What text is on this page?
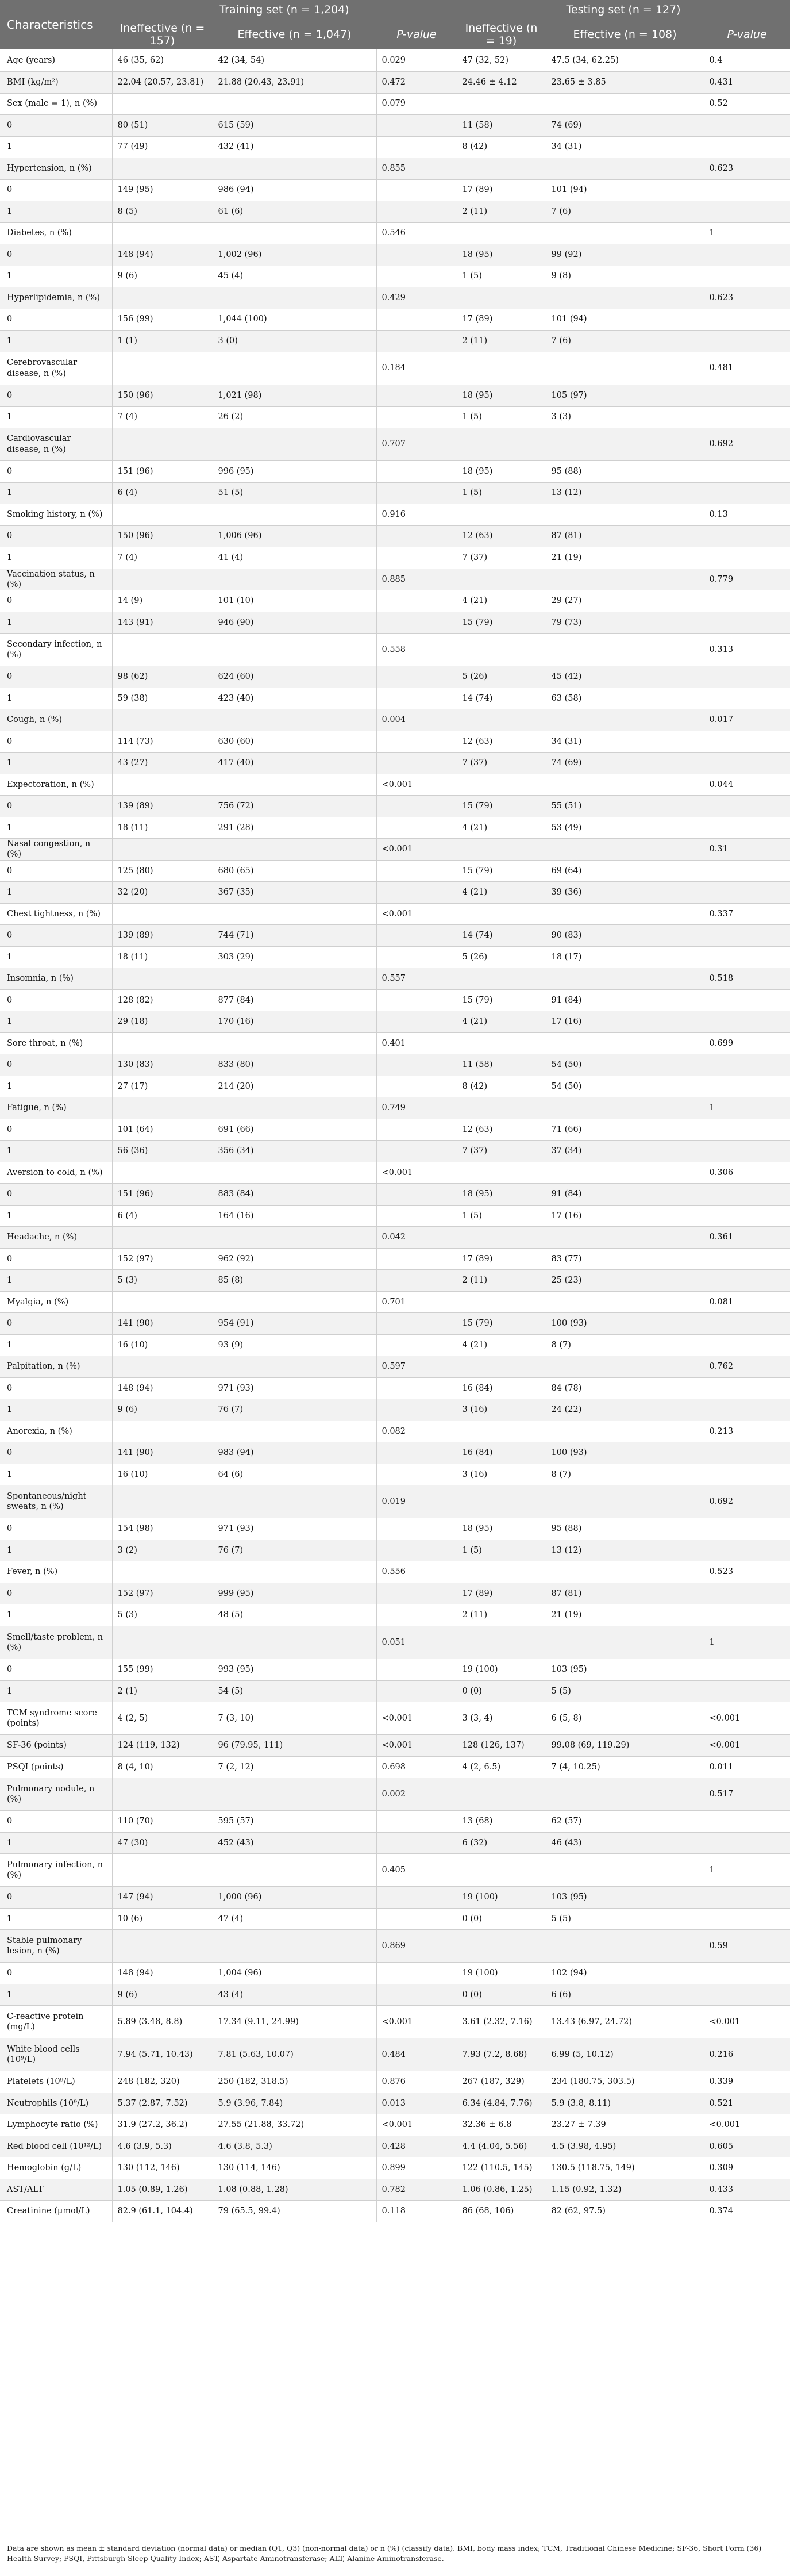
Characteristics	Training set (n = 1,204)			Testing set (n = 127)		
	Ineffective (n = 157)	Effective (n = 1,047)	P-value	Ineffective (n = 19)	Effective (n = 108)	P-value
Age (years)	46 (35, 62)	42 (34, 54)	0.029	47 (32, 52)	47.5 (34, 62.25)	0.4
BMI (kg/m²)	22.04 (20.57, 23.81)	21.88 (20.43, 23.91)	0.472	24.46 ± 4.12	23.65 ± 3.85	0.431
Sex (male = 1), n (%)			0.079			0.52
0	80 (51)	615 (59)		11 (58)	74 (69)	
1	77 (49)	432 (41)		8 (42)	34 (31)	
Hypertension, n (%)			0.855			0.623
0	149 (95)	986 (94)		17 (89)	101 (94)	
1	8 (5)	61 (6)		2 (11)	7 (6)	
Diabetes, n (%)			0.546			1
0	148 (94)	1,002 (96)		18 (95)	99 (92)	
1	9 (6)	45 (4)		1 (5)	9 (8)	
Hyperlipidemia, n (%)			0.429			0.623
0	156 (99)	1,044 (100)		17 (89)	101 (94)	
1	1 (1)	3 (0)		2 (11)	7 (6)	
Cerebrovascular disease, n (%)			0.184			0.481
0	150 (96)	1,021 (98)		18 (95)	105 (97)	
1	7 (4)	26 (2)		1 (5)	3 (3)	
Cardiovascular disease, n (%)			0.707			0.692
0	151 (96)	996 (95)		18 (95)	95 (88)	
1	6 (4)	51 (5)		1 (5)	13 (12)	
Smoking history, n (%)			0.916			0.13
0	150 (96)	1,006 (96)		12 (63)	87 (81)	
1	7 (4)	41 (4)		7 (37)	21 (19)	
Vaccination status, n (%)			0.885			0.779
0	14 (9)	101 (10)		4 (21)	29 (27)	
1	143 (91)	946 (90)		15 (79)	79 (73)	
Secondary infection, n (%)			0.558			0.313
0	98 (62)	624 (60)		5 (26)	45 (42)	
1	59 (38)	423 (40)		14 (74)	63 (58)	
Cough, n (%)			0.004			0.017
0	114 (73)	630 (60)		12 (63)	34 (31)	
1	43 (27)	417 (40)		7 (37)	74 (69)	
Expectoration, n (%)			<0.001			0.044
0	139 (89)	756 (72)		15 (79)	55 (51)	
1	18 (11)	291 (28)		4 (21)	53 (49)	
Nasal congestion, n (%)			<0.001			0.31
0	125 (80)	680 (65)		15 (79)	69 (64)	
1	32 (20)	367 (35)		4 (21)	39 (36)	
Chest tightness, n (%)			<0.001			0.337
0	139 (89)	744 (71)		14 (74)	90 (83)	
1	18 (11)	303 (29)		5 (26)	18 (17)	
Insomnia, n (%)			0.557			0.518
0	128 (82)	877 (84)		15 (79)	91 (84)	
1	29 (18)	170 (16)		4 (21)	17 (16)	
Sore throat, n (%)			0.401			0.699
0	130 (83)	833 (80)		11 (58)	54 (50)	
1	27 (17)	214 (20)		8 (42)	54 (50)	
Fatigue, n (%)			0.749			1
0	101 (64)	691 (66)		12 (63)	71 (66)	
1	56 (36)	356 (34)		7 (37)	37 (34)	
Aversion to cold, n (%)			<0.001			0.306
0	151 (96)	883 (84)		18 (95)	91 (84)	
1	6 (4)	164 (16)		1 (5)	17 (16)	
Headache, n (%)			0.042			0.361
0	152 (97)	962 (92)		17 (89)	83 (77)	
1	5 (3)	85 (8)		2 (11)	25 (23)	
Myalgia, n (%)			0.701			0.081
0	141 (90)	954 (91)		15 (79)	100 (93)	
1	16 (10)	93 (9)		4 (21)	8 (7)	
Palpitation, n (%)			0.597			0.762
0	148 (94)	971 (93)		16 (84)	84 (78)	
1	9 (6)	76 (7)		3 (16)	24 (22)	
Anorexia, n (%)			0.082			0.213
0	141 (90)	983 (94)		16 (84)	100 (93)	
1	16 (10)	64 (6)		3 (16)	8 (7)	
Spontaneous/night sweats, n (%)			0.019			0.692
0	154 (98)	971 (93)		18 (95)	95 (88)	
1	3 (2)	76 (7)		1 (5)	13 (12)	
Fever, n (%)			0.556			0.523
0	152 (97)	999 (95)		17 (89)	87 (81)	
1	5 (3)	48 (5)		2 (11)	21 (19)	
Smell/taste problem, n (%)			0.051			1
0	155 (99)	993 (95)		19 (100)	103 (95)	
1	2 (1)	54 (5)		0 (0)	5 (5)	
TCM syndrome score (points)	4 (2, 5)	7 (3, 10)	<0.001	3 (3, 4)	6 (5, 8)	<0.001
SF-36 (points)	124 (119, 132)	96 (79.95, 111)	<0.001	128 (126, 137)	99.08 (69, 119.29)	<0.001
PSQI (points)	8 (4, 10)	7 (2, 12)	0.698	4 (2, 6.5)	7 (4, 10.25)	0.011
Pulmonary nodule, n (%)			0.002			0.517
0	110 (70)	595 (57)		13 (68)	62 (57)	
1	47 (30)	452 (43)		6 (32)	46 (43)	
Pulmonary infection, n (%)			0.405			1
0	147 (94)	1,000 (96)		19 (100)	103 (95)	
1	10 (6)	47 (4)		0 (0)	5 (5)	
Stable pulmonary lesion, n (%)			0.869			0.59
0	148 (94)	1,004 (96)		19 (100)	102 (94)	
1	9 (6)	43 (4)		0 (0)	6 (6)	
C-reactive protein (mg/L)	5.89 (3.48, 8.8)	17.34 (9.11, 24.99)	<0.001	3.61 (2.32, 7.16)	13.43 (6.97, 24.72)	<0.001
White blood cells (10⁹/L)	7.94 (5.71, 10.43)	7.81 (5.63, 10.07)	0.484	7.93 (7.2, 8.68)	6.99 (5, 10.12)	0.216
Platelets (10⁹/L)	248 (182, 320)	250 (182, 318.5)	0.876	267 (187, 329)	234 (180.75, 303.5)	0.339
Neutrophils (10⁹/L)	5.37 (2.87, 7.52)	5.9 (3.96, 7.84)	0.013	6.34 (4.84, 7.76)	5.9 (3.8, 8.11)	0.521
Lymphocyte ratio (%)	31.9 (27.2, 36.2)	27.55 (21.88, 33.72)	<0.001	32.36 ± 6.8	23.27 ± 7.39	<0.001
Red blood cell (10¹²/L)	4.6 (3.9, 5.3)	4.6 (3.8, 5.3)	0.428	4.4 (4.04, 5.56)	4.5 (3.98, 4.95)	0.605
Hemoglobin (g/L)	130 (112, 146)	130 (114, 146)	0.899	122 (110.5, 145)	130.5 (118.75, 149)	0.309
AST/ALT	1.05 (0.89, 1.26)	1.08 (0.88, 1.28)	0.782	1.06 (0.86, 1.25)	1.15 (0.92, 1.32)	0.433
Creatinine (μmol/L)	82.9 (61.1, 104.4)	79 (65.5, 99.4)	0.118	86 (68, 106)	82 (62, 97.5)	0.374
Data are shown as mean ± standard deviation (normal data) or median (Q1, Q3) (non-normal data) or n (%) (classify data). BMI, body mass index; TCM, Traditional Chinese Medicine; SF-36, Short Form (36) Health Survey; PSQI, Pittsburgh Sleep Quality Index; AST, Aspartate Aminotransferase; ALT, Alanine Aminotransferase.
